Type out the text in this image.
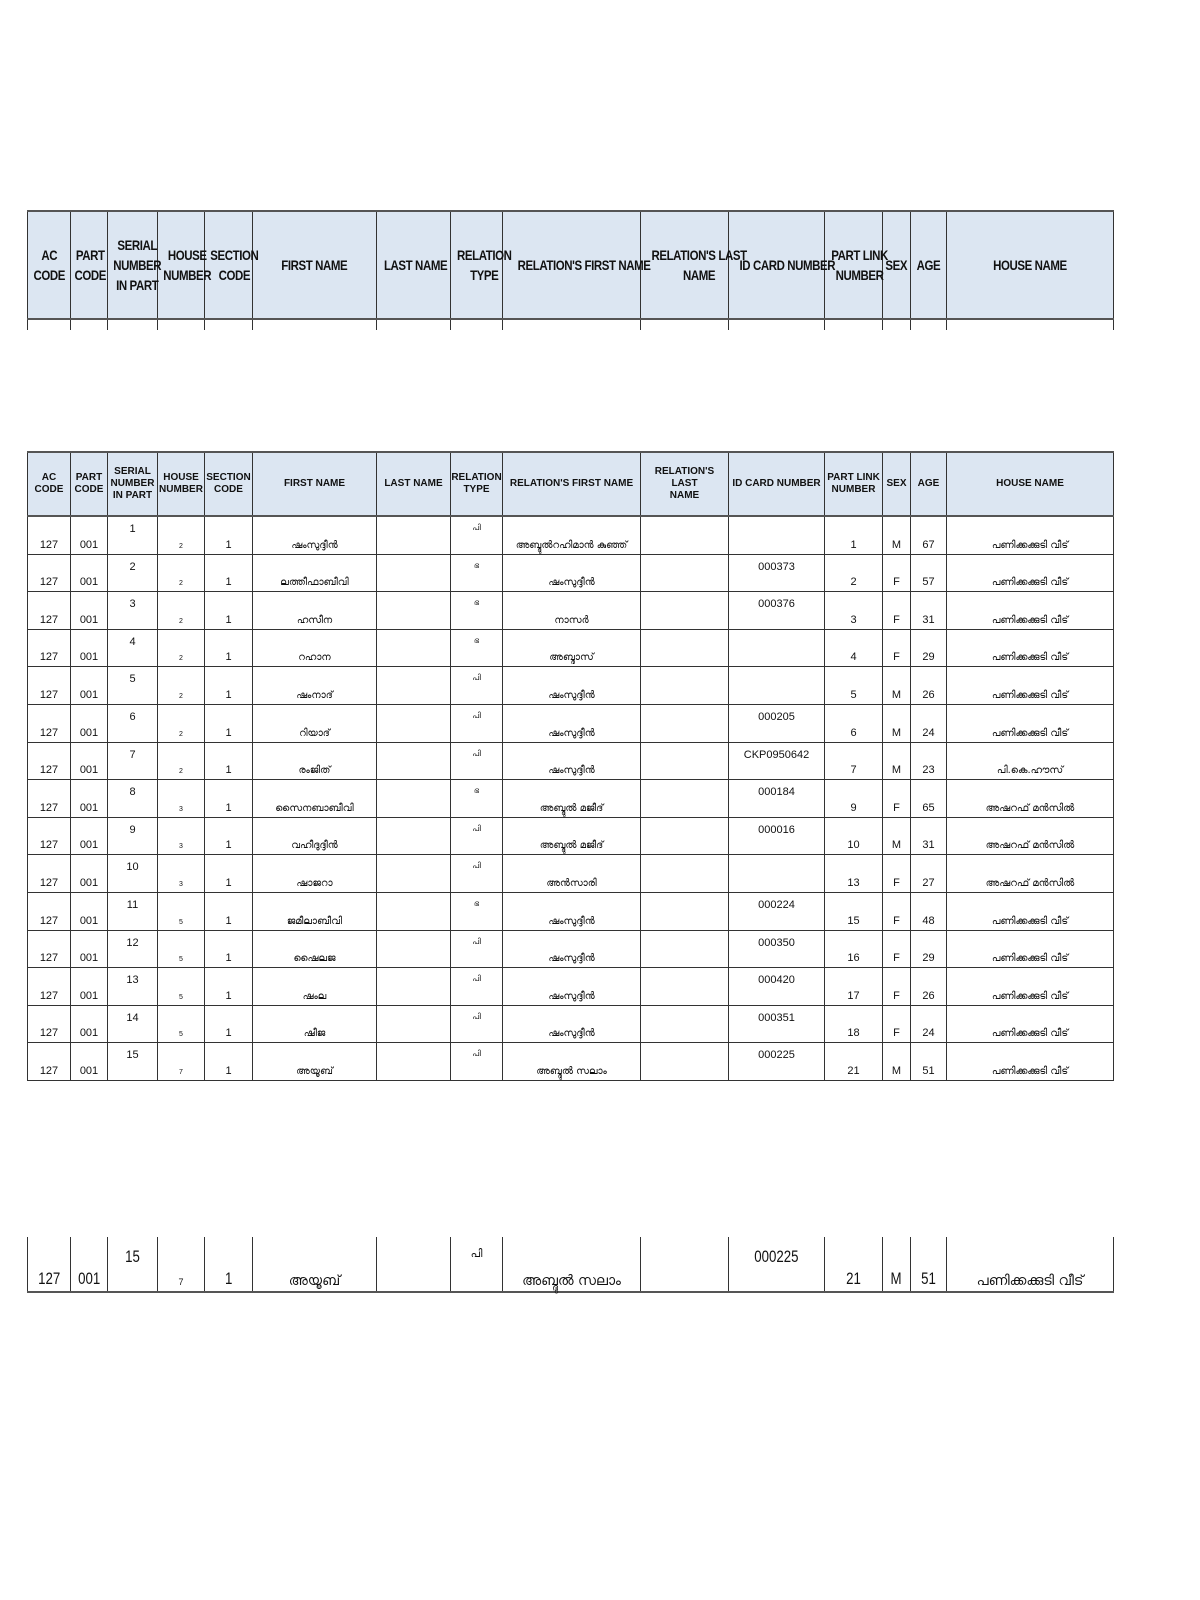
AC
CODE	PART
CODE	SERIAL
NUMBER
IN PART	HOUSE
NUMBER	SECTION
CODE	FIRST NAME	LAST NAME	RELATION
TYPE	RELATION'S FIRST NAME	RELATION'S LAST
NAME	ID CARD NUMBER	PART LINK
NUMBER	SEX	AGE	HOUSE NAME

AC
CODE	PART
CODE	SERIAL
NUMBER
IN PART	HOUSE
NUMBER	SECTION
CODE	FIRST NAME	LAST NAME	RELATION
TYPE	RELATION'S FIRST NAME	RELATION'S LAST
NAME	ID CARD NUMBER	PART LINK
NUMBER	SEX	AGE	HOUSE NAME

127	001

1

2	1	ഷംസുദ്ദീൻ

പി

അബ്ദുൽറഹിമാൻ കുഞ്ഞ്			1	M	67	പണിക്കക്കുടി വീട്

127	001

2

2	1	ലത്തീഫാബീവി

ഭ

ഷംസുദ്ദീൻ

000373

2	F	57	പണിക്കക്കുടി വീട്

127	001

3

2	1	ഹസീന

ഭ

നാസർ

000376

3	F	31	പണിക്കക്കുടി വീട്

127	001

4

2	1	റഹാന

ഭ

അബ്ദാസ്			4	F	29	പണിക്കക്കുടി വീട്

127	001

5

2	1	ഷംനാദ്

പി

ഷംസുദ്ദീൻ			5	M	26	പണിക്കക്കുടി വീട്

127	001

6

2	1	റിയാദ്

പി

ഷംസുദ്ദീൻ

000205

6	M	24	പണിക്കക്കുടി വീട്

127	001

7

2	1	രംജിത്

പി

ഷംസുദ്ദീൻ

CKP0950642

7	M	23	പി.കെ.ഹൗസ്

127	001

8

3	1	സൈനബാബീവി

ഭ

അബ്ദുൽ മജീദ്

000184

9	F	65	അഷറഫ് മൻസിൽ

127	001

9

3	1	വഹീദുദ്ദീൻ

പി

അബ്ദുൽ മജീദ്

000016

10	M	31	അഷറഫ് മൻസിൽ

127	001

10

3	1	ഷാജറാ

പി

അൻസാരി			13	F	27	അഷറഫ് മൻസിൽ

127	001

11

5	1	ജമീലാബീവി

ഭ

ഷംസുദ്ദീൻ

000224

15	F	48	പണിക്കക്കുടി വീട്

127	001

12

5	1	ഷൈലജ

പി

ഷംസുദ്ദീൻ

000350

16	F	29	പണിക്കക്കുടി വീട്

127	001

13

5	1	ഷംല

പി

ഷംസുദ്ദീൻ

000420

17	F	26	പണിക്കക്കുടി വീട്

127	001

14

5	1	ഷീജ

പി

ഷംസുദ്ദീൻ

000351

18	F	24	പണിക്കക്കുടി വീട്

127	001

15

7	1	അയൂബ്

പി

അബ്ദുൽ സലാം

000225

21	M	51	പണിക്കക്കുടി വീട്
127	001

15

7	1	അയൂബ്

പി

അബ്ദുൽ സലാം

000225

21	M	51	പണിക്കക്കുടി വീട്
